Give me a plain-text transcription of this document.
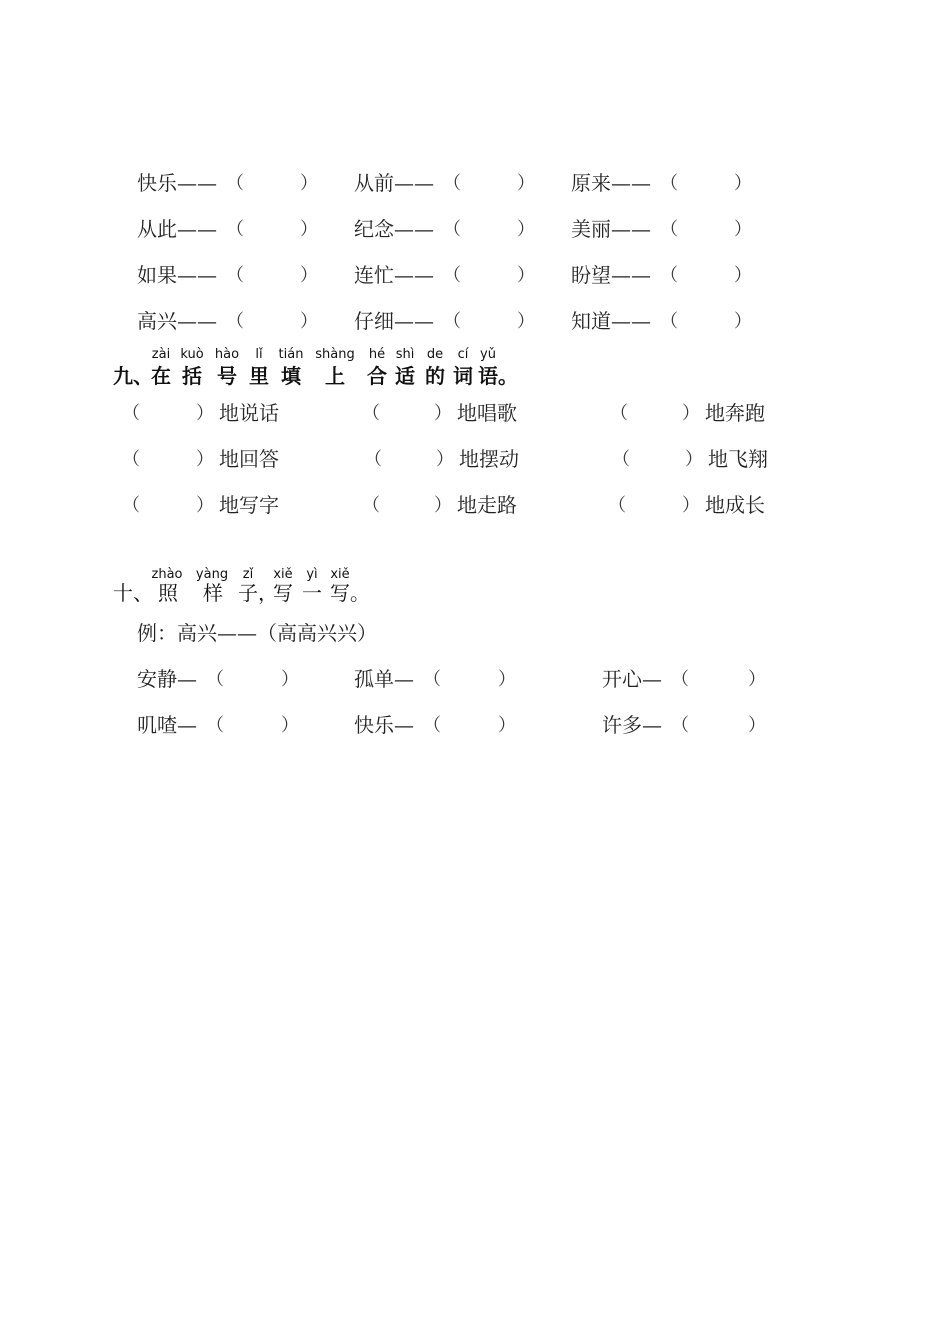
快乐—— （	） 从前—— （	） 原来—— （	）
从此—— （	） 纪念—— （	） 美丽—— （	）
如果—— （	） 连忙—— （	） 盼望—— （	）
高兴—— （	） 仔细—— （	） 知道—— （	）
九、
zài
在
kuò
括
hào
号
lǐ
里
tián
填
shàng
上
hé
合
shì
适
de
的
cí
词
yǔ
语 。
（	） 地说话	（	） 地唱歌	（	） 地奔跑
（	） 地回答	（	） 地摆动	（	） 地飞翔
（	） 地写字	（	） 地走路	（	） 地成长
十、
zhào
照
yàng
样
zǐ
子，
xiě
写
yì
一
xiě
写。
例：高兴——（高高兴兴）
安静— （	）	孤单— （	）	开心— （	）
叽喳— （	）	快乐— （	）	许多— （	）
